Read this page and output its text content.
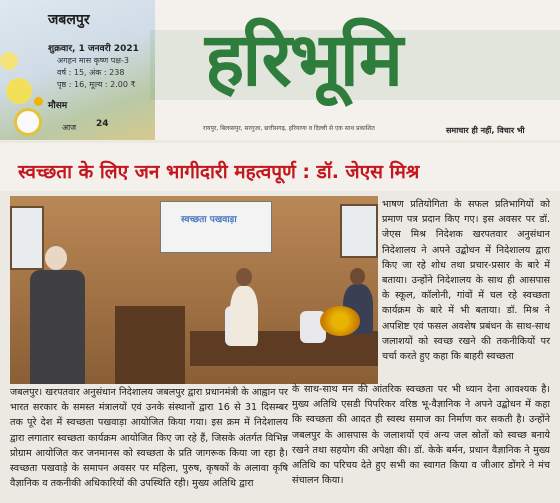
जबलपुर
शुक्रवार, 1 जनवरी 2021
अगहन मास कृष्ण पक्ष-3
वर्ष : 15, अंक : 238
पृष्ठ : 16, मूल्य : 2.00 ₹
मौसम
आज 24
हरिभूमि
रायपुर, बिलासपुर, सरगुजा, छत्तीसगढ़, हरियाणा व दिल्ली से एक साथ प्रकाशित	समाचार ही नहीं, विचार भी
स्वच्छता के लिए जन भागीदारी महत्वपूर्ण : डॉ. जेएस मिश्र
स्वच्छता पखवाड़ा
भाषण प्रतियोगिता के सफल प्रतिभागियों को प्रमाण पत्र प्रदान किए गए। इस अवसर पर डॉ. जेएस मिश्र निदेशक खरपतवार अनुसंधान निदेशालय ने अपने उद्बोधन में निदेशालय द्वारा किए जा रहे शोध तथा प्रचार-प्रसार के बारे में बताया। उन्होंने निदेशालय के साथ ही आसपास के स्कूल, कॉलोनी, गांवों में चल रहे स्वच्छता कार्यक्रम के बारे में भी बताया। डॉ. मिश्र ने अपशिष्ट एवं फसल अवशेष प्रबंधन के साथ-साथ जलाशयों को स्वच्छ रखने की तकनीकियों पर चर्चा करते हुए कहा कि बाहरी स्वच्छता
जबलपुर। खरपतवार अनुसंधान निदेशालय जबलपुर द्वारा प्रधानमंत्री के आह्वान पर भारत सरकार के समस्त मंत्रालयों एवं उनके संस्थानों द्वारा 16 से 31 दिसम्बर तक पूरे देश में स्वच्छता पखवाड़ा आयोजित किया गया। इस क्रम में निदेशालय द्वारा लगातार स्वच्छता कार्यक्रम आयोजित किए जा रहे हैं, जिसके अंतर्गत विभिन्न प्रोग्राम आयोजित कर जनमानस को स्वच्छता के प्रति जागरूक किया जा रहा है। स्वच्छता पखवाड़े के समापन अवसर पर महिला, पुरुष, कृषकों के अलावा कृषि वैज्ञानिक व तकनीकी अधिकारियों की उपस्थिति रही। मुख्य अतिथि द्वारा
के साथ-साथ मन की आंतरिक स्वच्छता पर भी ध्यान देना आवश्यक है। मुख्य अतिथि एसडी पिपरिकर वरिष्ठ भू-वैज्ञानिक ने अपने उद्बोधन में कहा कि स्वच्छता की आदत ही स्वस्थ समाज का निर्माण कर सकती है। उन्होंने जबलपुर के आसपास के जलाशयों एवं अन्य जल स्रोतों को स्वच्छ बनाये रखने तथा सहयोग की अपेक्षा की। डॉ. केके बर्मन, प्रधान वैज्ञानिक ने मुख्य अतिथि का परिचय देते हुए सभी का स्वागत किया व जीआर डोंगरे ने मंच संचालन किया।
